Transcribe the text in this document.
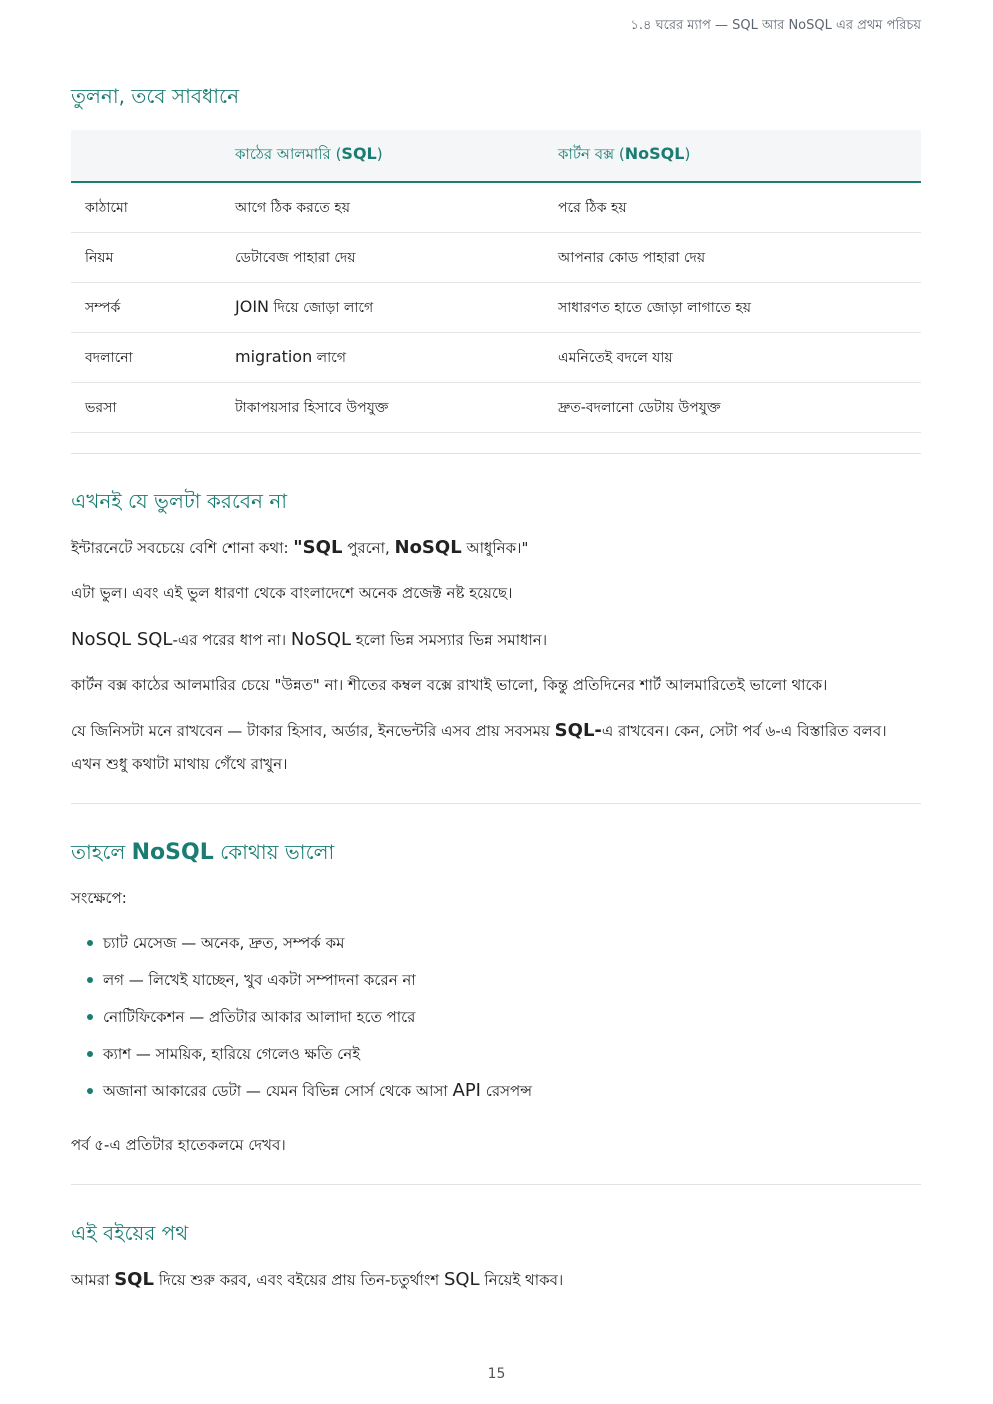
১.৪ ঘরের ম্যাপ — SQL আর NoSQL এর প্রথম পরিচয়
তুলনা, তবে সাবধানে
	কাঠের আলমারি (SQL)	কার্টন বক্স (NoSQL)
কাঠামো	আগে ঠিক করতে হয়	পরে ঠিক হয়
নিয়ম	ডেটাবেজ পাহারা দেয়	আপনার কোড পাহারা দেয়
সম্পর্ক	JOIN দিয়ে জোড়া লাগে	সাধারণত হাতে জোড়া লাগাতে হয়
বদলানো	migration লাগে	এমনিতেই বদলে যায়
ভরসা	টাকাপয়সার হিসাবে উপযুক্ত	দ্রুত-বদলানো ডেটায় উপযুক্ত
এখনই যে ভুলটা করবেন না

ইন্টারনেটে সবচেয়ে বেশি শোনা কথা: "SQL পুরনো, NoSQL আধুনিক।"

এটা ভুল। এবং এই ভুল ধারণা থেকে বাংলাদেশে অনেক প্রজেক্ট নষ্ট হয়েছে।

NoSQL SQL-এর পরের ধাপ না। NoSQL হলো ভিন্ন সমস্যার ভিন্ন সমাধান।

কার্টন বক্স কাঠের আলমারির চেয়ে "উন্নত" না। শীতের কম্বল বক্সে রাখাই ভালো, কিন্তু প্রতিদিনের শার্ট আলমারিতেই ভালো থাকে।

যে জিনিসটা মনে রাখবেন — টাকার হিসাব, অর্ডার, ইনভেন্টরি এসব প্রায় সবসময় SQL-এ রাখবেন। কেন, সেটা পর্ব ৬-এ বিস্তারিত বলব। এখন শুধু কথাটা মাথায় গেঁথে রাখুন।

তাহলে NoSQL কোথায় ভালো

সংক্ষেপে:

চ্যাট মেসেজ — অনেক, দ্রুত, সম্পর্ক কম
লগ — লিখেই যাচ্ছেন, খুব একটা সম্পাদনা করেন না
নোটিফিকেশন — প্রতিটার আকার আলাদা হতে পারে
ক্যাশ — সাময়িক, হারিয়ে গেলেও ক্ষতি নেই
অজানা আকারের ডেটা — যেমন বিভিন্ন সোর্স থেকে আসা API রেসপন্স

পর্ব ৫-এ প্রতিটার হাতেকলমে দেখব।

এই বইয়ের পথ

আমরা SQL দিয়ে শুরু করব, এবং বইয়ের প্রায় তিন-চতুর্থাংশ SQL নিয়েই থাকব।

15
